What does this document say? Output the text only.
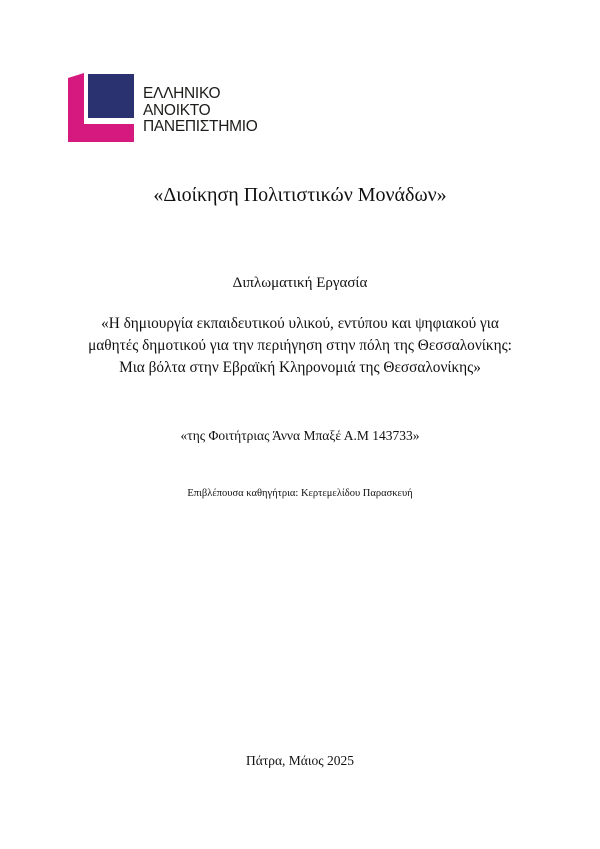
ΕΛΛΗΝΙΚΟ
ΑΝΟΙΚΤΟ
ΠΑΝΕΠΙΣΤΗΜΙΟ
«Διοίκηση Πολιτιστικών Μονάδων»
Διπλωματική Εργασία
«Η δημιουργία εκπαιδευτικού υλικού, εντύπου και ψηφιακού για
μαθητές δημοτικού για την περιήγηση στην πόλη της Θεσσαλονίκης:
Μια βόλτα στην Εβραϊκή Κληρονομιά της Θεσσαλονίκης»
«της Φοιτήτριας Άννα Μπαξέ Α.Μ 143733»
Επιβλέπουσα καθηγήτρια: Κερτεμελίδου Παρασκευή
Πάτρα, Μάιος 2025
